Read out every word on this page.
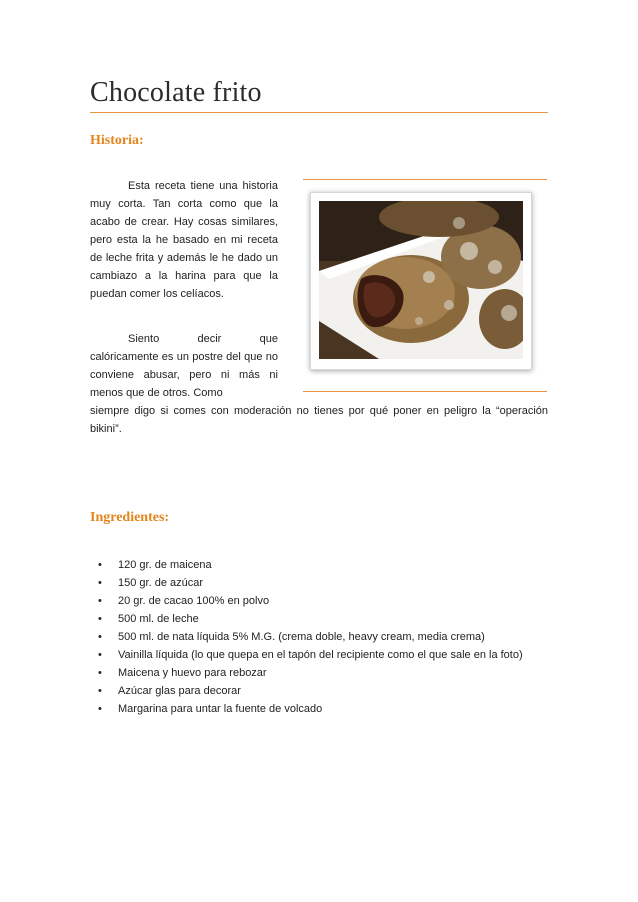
Chocolate frito
Historia:
Esta receta tiene una historia muy corta. Tan corta como que la acabo de crear. Hay cosas similares, pero esta la he basado en mi receta de leche frita y además le he dado un cambiazo a la harina para que la puedan comer los celíacos.
Siento decir que calóricamente es un postre del que no conviene abusar, pero ni más ni menos que de otros. Como
siempre digo si comes con moderación no tienes por qué poner en peligro la “operación bikini”.
Ingredientes:
• 120 gr. de maicena
• 150 gr. de azúcar
• 20 gr. de cacao 100% en polvo
• 500 ml. de leche
• 500 ml. de nata líquida 5% M.G. (crema doble, heavy cream, media crema)
• Vainilla líquida (lo que quepa en el tapón del recipiente como el que sale en la foto)
• Maicena y huevo para rebozar
• Azúcar glas para decorar
• Margarina para untar la fuente de volcado
